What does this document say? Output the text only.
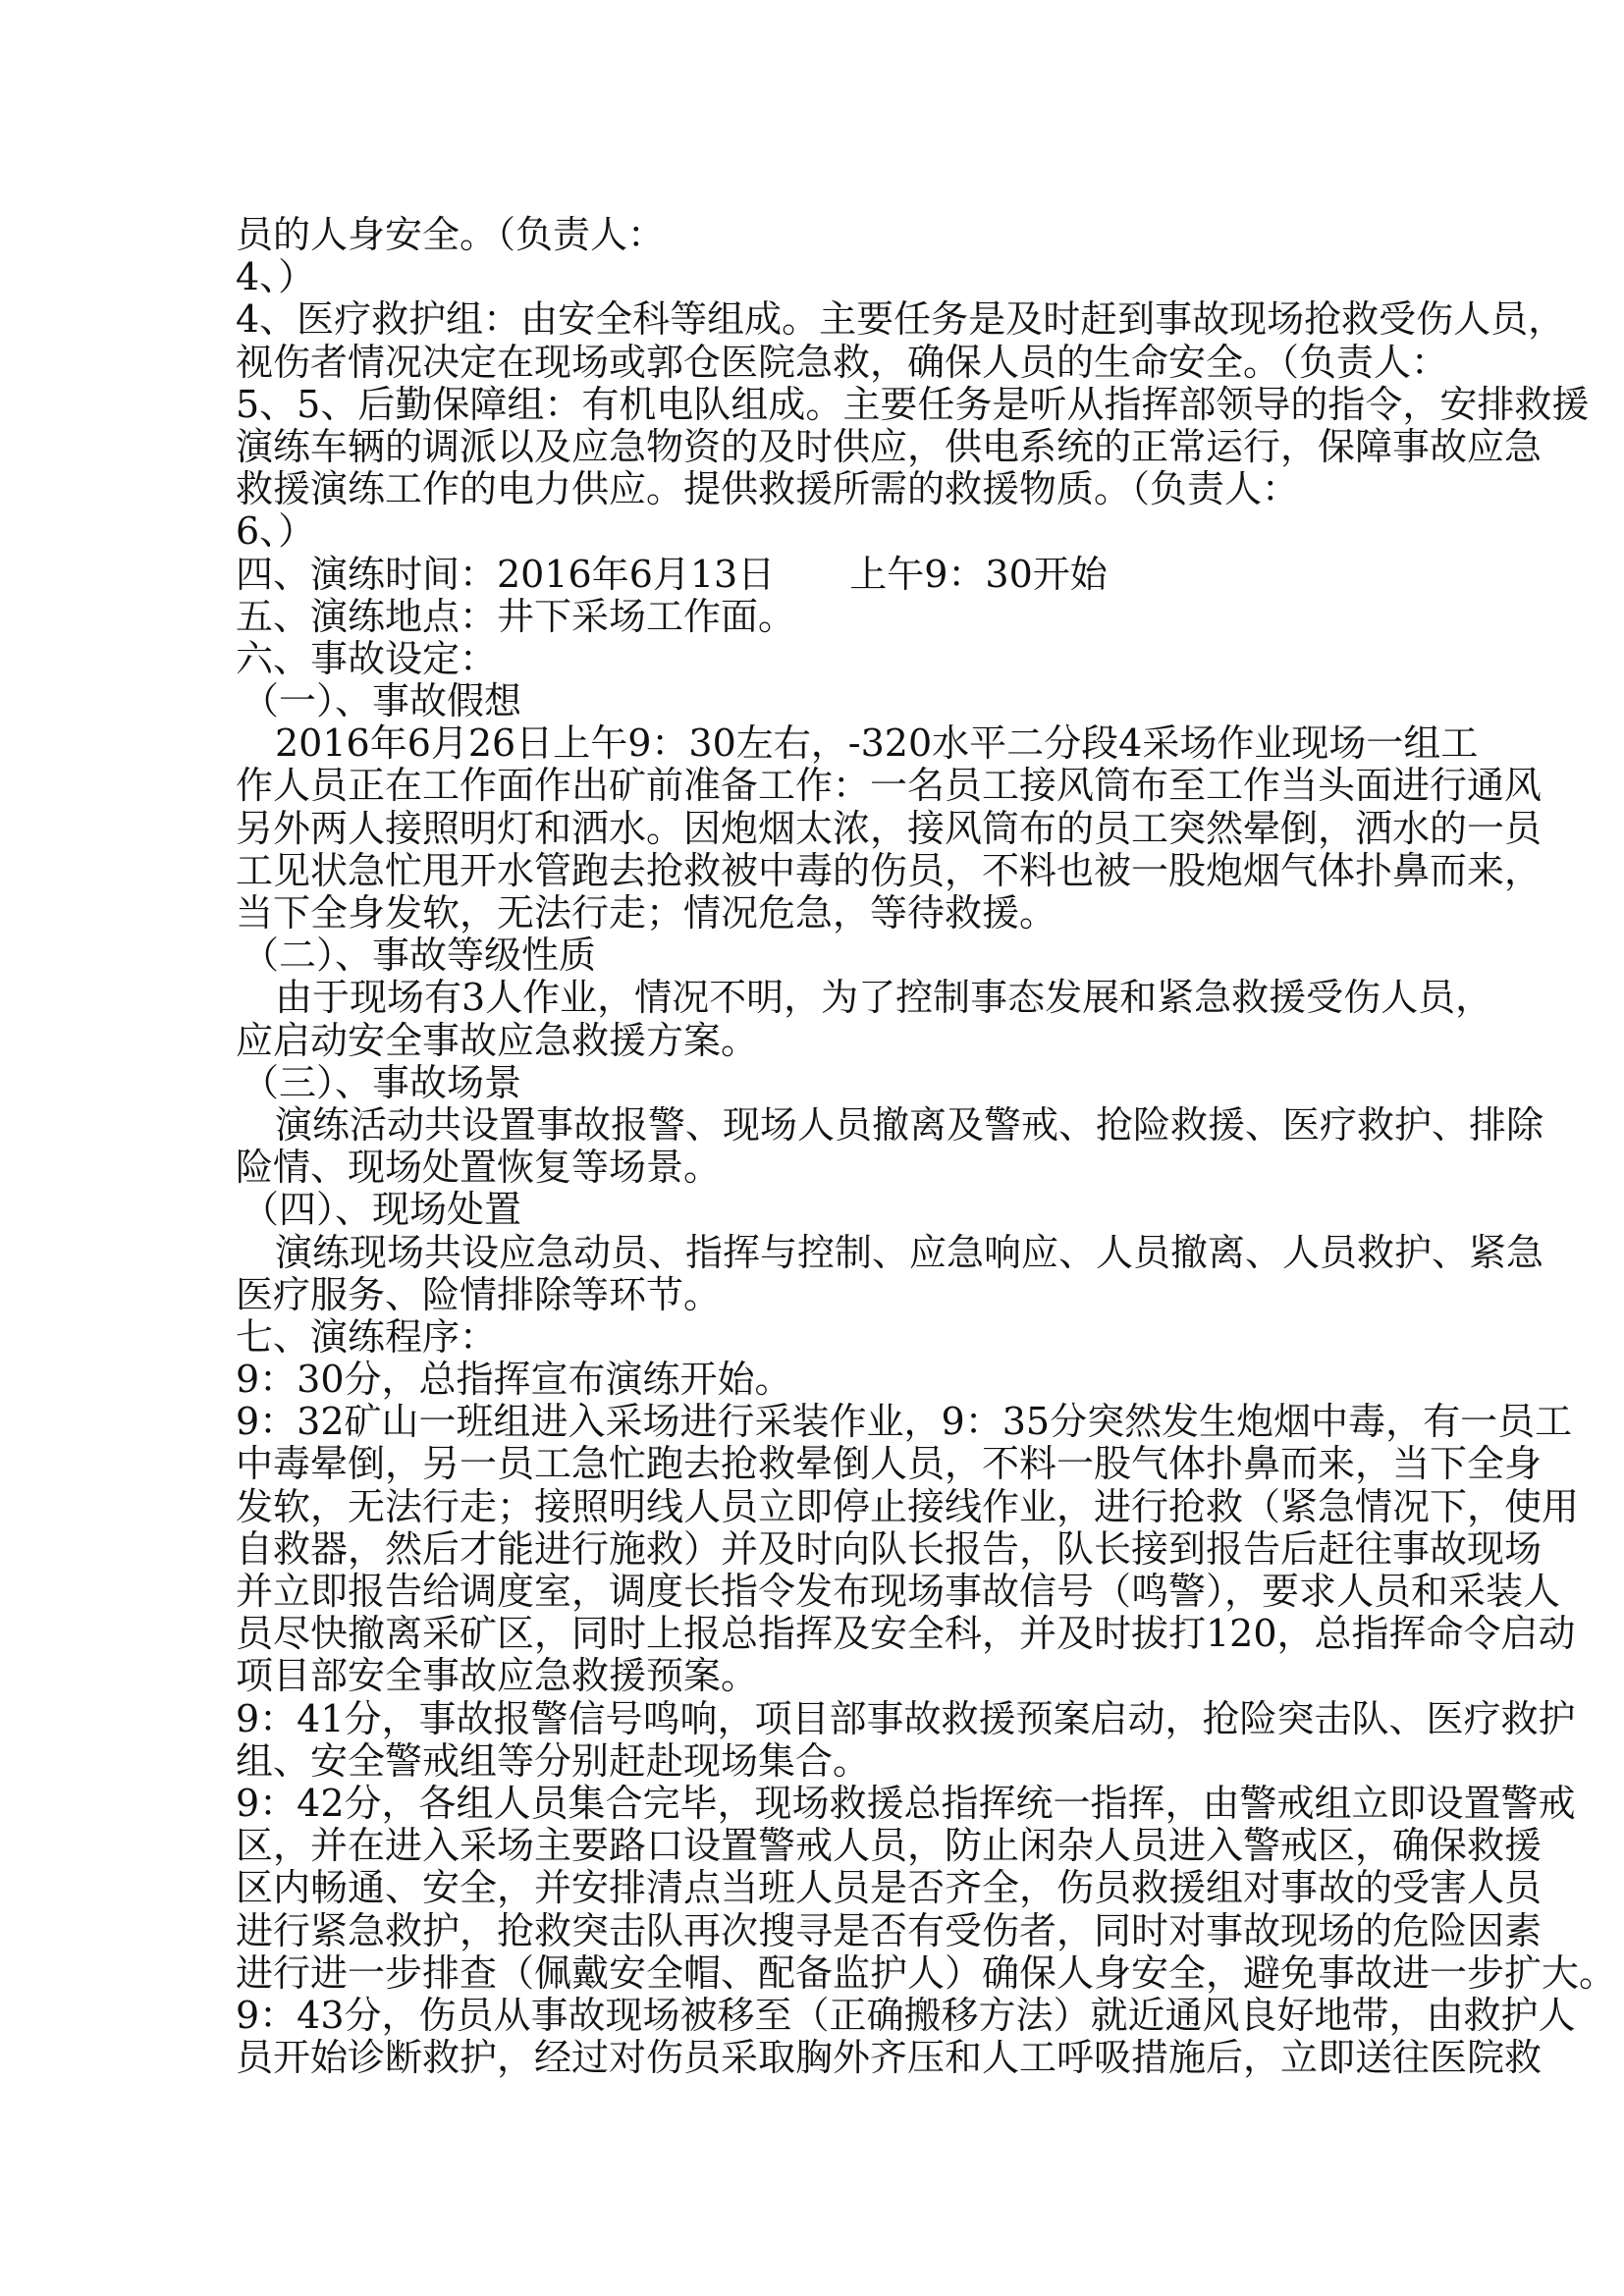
员的人身安全。（负责人：
4、）
4、医疗救护组：由安全科等组成。主要任务是及时赶到事故现场抢救受伤人员，
视伤者情况决定在现场或郭仓医院急救，确保人员的生命安全。（负责人：
5、5、后勤保障组：有机电队组成。主要任务是听从指挥部领导的指令，安排救援
演练车辆的调派以及应急物资的及时供应，供电系统的正常运行，保障事故应急
救援演练工作的电力供应。提供救援所需的救援物质。（负责人：
6、）
四、演练时间：2016年6月13日　　上午9：30开始
五、演练地点：井下采场工作面。
六、事故设定：
（一）、事故假想
2016年6月26日上午9：30左右，-320水平二分段4采场作业现场一组工
作人员正在工作面作出矿前准备工作：一名员工接风筒布至工作当头面进行通风
另外两人接照明灯和洒水。因炮烟太浓，接风筒布的员工突然晕倒，洒水的一员
工见状急忙甩开水管跑去抢救被中毒的伤员，不料也被一股炮烟气体扑鼻而来，
当下全身发软，无法行走；情况危急，等待救援。
（二）、事故等级性质
由于现场有3人作业，情况不明，为了控制事态发展和紧急救援受伤人员，
应启动安全事故应急救援方案。
（三）、事故场景
演练活动共设置事故报警、现场人员撤离及警戒、抢险救援、医疗救护、排除
险情、现场处置恢复等场景。
（四）、现场处置
演练现场共设应急动员、指挥与控制、应急响应、人员撤离、人员救护、紧急
医疗服务、险情排除等环节。
七、演练程序：
9：30分，总指挥宣布演练开始。
9：32矿山一班组进入采场进行采装作业，9：35分突然发生炮烟中毒，有一员工
中毒晕倒，另一员工急忙跑去抢救晕倒人员，不料一股气体扑鼻而来，当下全身
发软，无法行走；接照明线人员立即停止接线作业，进行抢救（紧急情况下，使用
自救器，然后才能进行施救）并及时向队长报告，队长接到报告后赶往事故现场
并立即报告给调度室，调度长指令发布现场事故信号（鸣警），要求人员和采装人
员尽快撤离采矿区，同时上报总指挥及安全科，并及时拔打120，总指挥命令启动
项目部安全事故应急救援预案。
9：41分，事故报警信号鸣响，项目部事故救援预案启动，抢险突击队、医疗救护
组、安全警戒组等分别赶赴现场集合。
9：42分，各组人员集合完毕，现场救援总指挥统一指挥，由警戒组立即设置警戒
区，并在进入采场主要路口设置警戒人员，防止闲杂人员进入警戒区，确保救援
区内畅通、安全，并安排清点当班人员是否齐全，伤员救援组对事故的受害人员
进行紧急救护，抢救突击队再次搜寻是否有受伤者，同时对事故现场的危险因素
进行进一步排查（佩戴安全帽、配备监护人）确保人身安全，避免事故进一步扩大。
9：43分，伤员从事故现场被移至（正确搬移方法）就近通风良好地带，由救护人
员开始诊断救护，经过对伤员采取胸外齐压和人工呼吸措施后，立即送往医院救
